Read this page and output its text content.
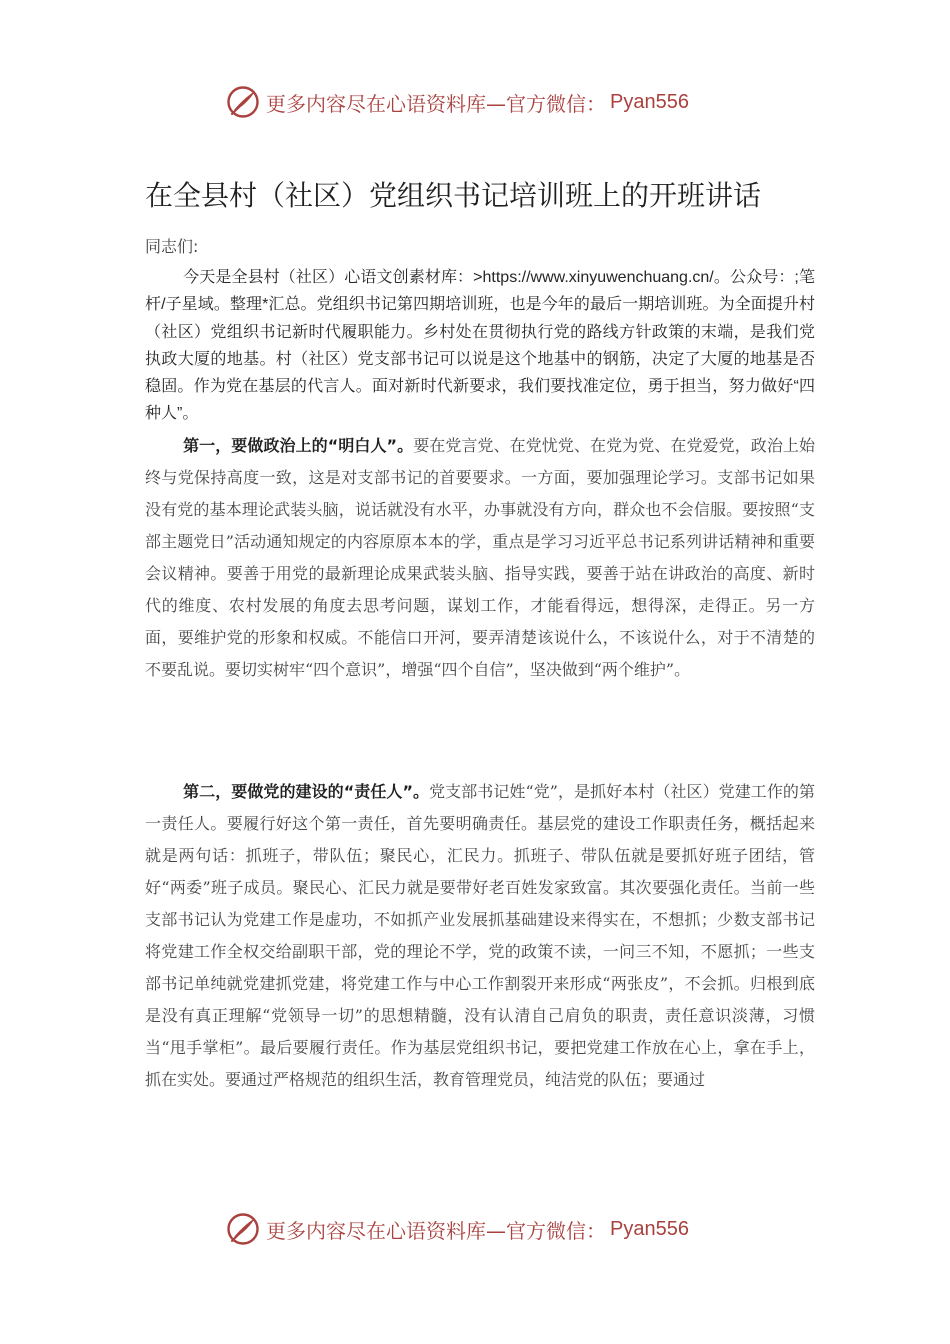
更多内容尽在心语资料库—官方微信： Pyan556
在全县村（社区）党组织书记培训班上的开班讲话
同志们:

今天是全县村（社区）心语文创素材库：>https://www.xinyuwenchuang.cn/。公众号：;笔杆/子星域。整理*汇总。党组织书记第四期培训班，也是今年的最后一期培训班。为全面提升村（社区）党组织书记新时代履职能力。乡村处在贯彻执行党的路线方针政策的末端，是我们党执政大厦的地基。村（社区）党支部书记可以说是这个地基中的钢筋，决定了大厦的地基是否稳固。作为党在基层的代言人。面对新时代新要求，我们要找准定位，勇于担当，努力做好“四种人”。

第一，要做政治上的“明白人”。要在党言党、在党忧党、在党为党、在党爱党，政治上始终与党保持高度一致，这是对支部书记的首要要求。一方面，要加强理论学习。支部书记如果没有党的基本理论武装头脑，说话就没有水平，办事就没有方向，群众也不会信服。要按照“支部主题党日”活动通知规定的内容原原本本的学，重点是学习习近平总书记系列讲话精神和重要会议精神。要善于用党的最新理论成果武装头脑、指导实践，要善于站在讲政治的高度、新时代的维度、农村发展的角度去思考问题，谋划工作，才能看得远，想得深，走得正。另一方面，要维护党的形象和权威。不能信口开河，要弄清楚该说什么，不该说什么，对于不清楚的不要乱说。要切实树牢“四个意识”，增强“四个自信”，坚决做到“两个维护”。

第二，要做党的建设的“责任人”。党支部书记姓“党”，是抓好本村（社区）党建工作的第一责任人。要履行好这个第一责任，首先要明确责任。基层党的建设工作职责任务，概括起来就是两句话：抓班子，带队伍；聚民心，汇民力。抓班子、带队伍就是要抓好班子团结，管好“两委”班子成员。聚民心、汇民力就是要带好老百姓发家致富。其次要强化责任。当前一些支部书记认为党建工作是虚功，不如抓产业发展抓基础建设来得实在，不想抓；少数支部书记将党建工作全权交给副职干部，党的理论不学，党的政策不读，一问三不知，不愿抓；一些支部书记单纯就党建抓党建，将党建工作与中心工作割裂开来形成“两张皮”，不会抓。归根到底是没有真正理解“党领导一切”的思想精髓，没有认清自己肩负的职责，责任意识淡薄，习惯当“甩手掌柜”。最后要履行责任。作为基层党组织书记，要把党建工作放在心上，拿在手上，抓在实处。要通过严格规范的组织生活，教育管理党员，纯洁党的队伍；要通过

更多内容尽在心语资料库—官方微信： Pyan556
